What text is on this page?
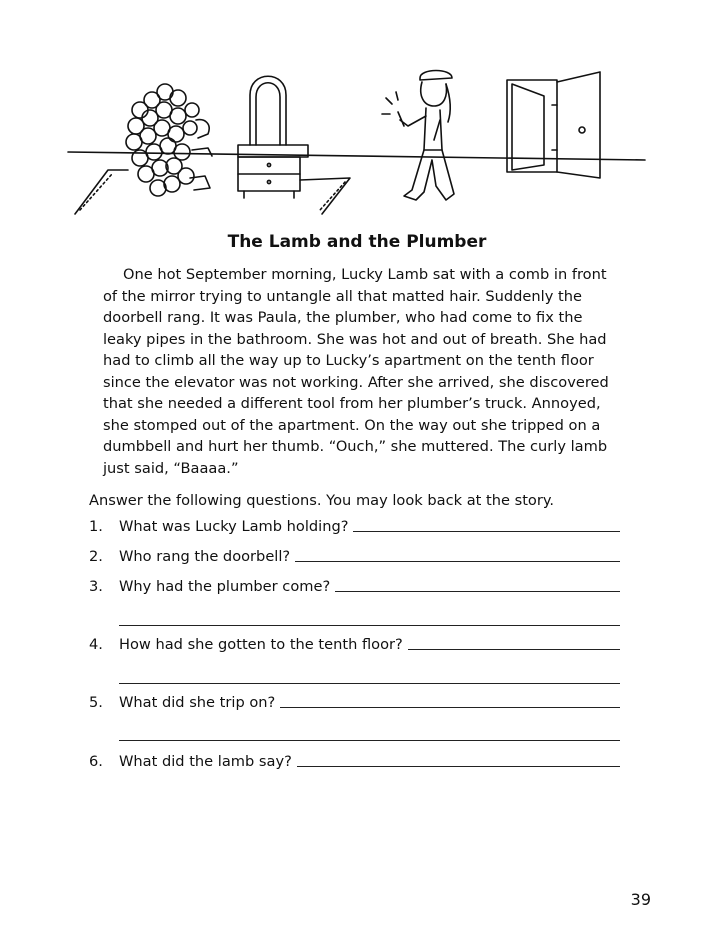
The Lamb and the Plumber

One hot September morning, Lucky Lamb sat with a comb in front of the mirror trying to untangle all that matted hair. Suddenly the doorbell rang. It was Paula, the plumber, who had come to fix the leaky pipes in the bathroom. She was hot and out of breath. She had had to climb all the way up to Lucky’s apartment on the tenth floor since the elevator was not working. After she arrived, she discovered that she needed a different tool from her plumber’s truck. Annoyed, she stomped out of the apartment. On the way out she tripped on a dumbbell and hurt her thumb. “Ouch,” she muttered. The curly lamb just said, “Baaaa.”

Answer the following questions. You may look back at the story.

1.	What was Lucky Lamb holding?
2.	Who rang the doorbell?
3.	Why had the plumber come?
4.	How had she gotten to the tenth floor?
5.	What did she trip on?
6.	What did the lamb say?
39
